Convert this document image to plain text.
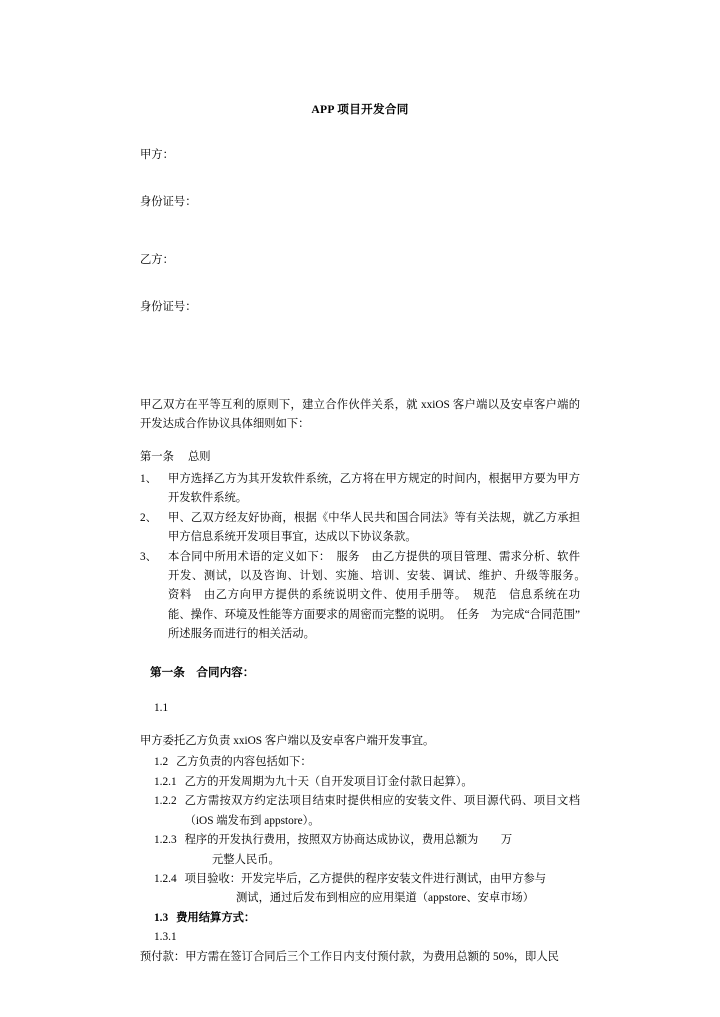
APP 项目开发合同
甲方：
身份证号：
乙方：
身份证号：
甲乙双方在平等互利的原则下，建立合作伙伴关系，就 xxiOS 客户端以及安卓客户端的开发达成合作协议具体细则如下：
第一条 总则
1、 甲方选择乙方为其开发软件系统，乙方将在甲方规定的时间内，根据甲方要为甲方开发软件系统。
2、 甲、乙双方经友好协商，根据《中华人民共和国合同法》等有关法规，就乙方承担甲方信息系统开发项目事宜，达成以下协议条款。
3、 本合同中所用术语的定义如下：　服务　由乙方提供的项目管理、需求分析、软件开发、测试，以及咨询、计划、实施、培训、安装、调试、维护、升级等服务。　资料　由乙方向甲方提供的系统说明文件、使用手册等。　规范　信息系统在功能、操作、环境及性能等方面要求的周密而完整的说明。　任务　为完成“合同范围”所述服务而进行的相关活动。
第一条　合同内容：
1.1
甲方委托乙方负责 xxiOS 客户端以及安卓客户端开发事宜。
1.2 乙方负责的内容包括如下：
1.2.1 乙方的开发周期为九十天（自开发项目订金付款日起算）。
1.2.2 乙方需按双方约定法项目结束时提供相应的安装文件、项目源代码、项目文档（iOS 端发布到 appstore）。
1.2.3 程序的开发执行费用，按照双方协商达成协议，费用总额为　　万
元整人民币。
1.2.4 项目验收：开发完毕后，乙方提供的程序安装文件进行测试，由甲方参与
测试，通过后发布到相应的应用渠道（appstore、安卓市场）
1.3 费用结算方式：
1.3.1
预付款：甲方需在签订合同后三个工作日内支付预付款，为费用总额的 50%，即人民
